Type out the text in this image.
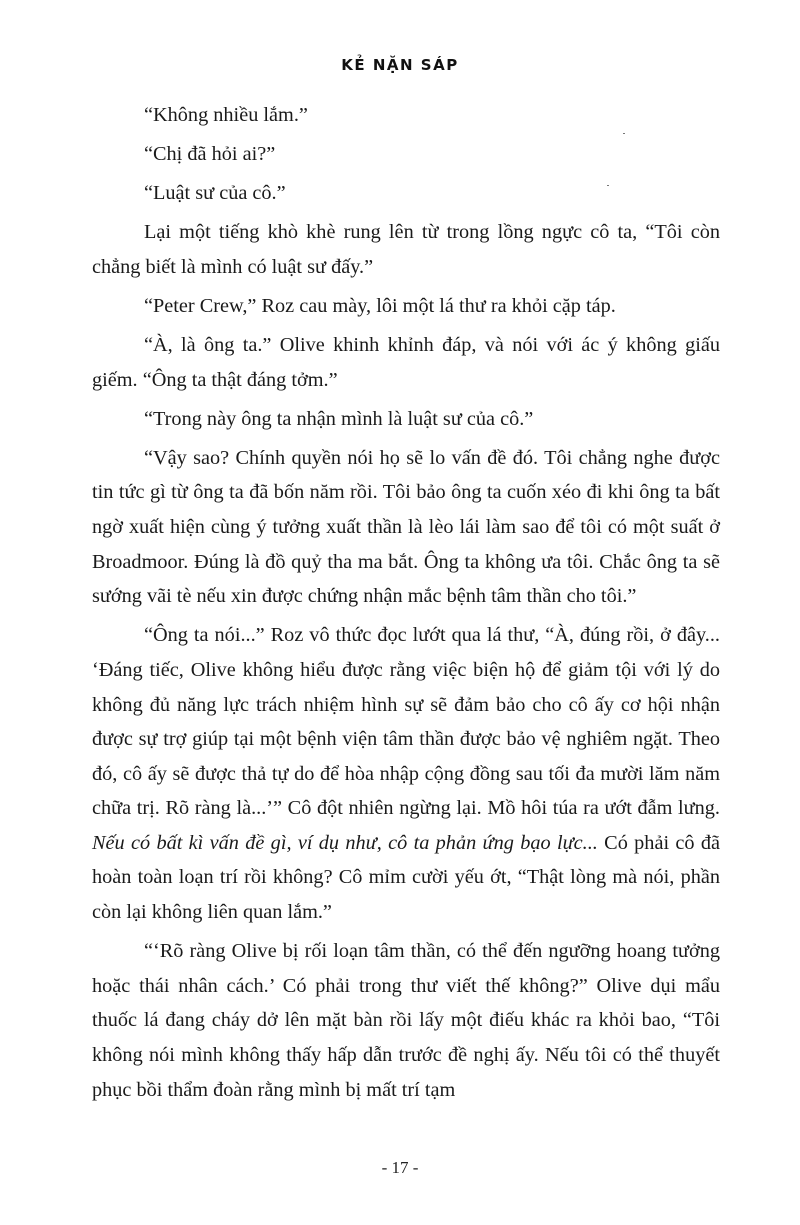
KẺ NẶN SÁP

“Không nhiều lắm.”

“Chị đã hỏi ai?”

“Luật sư của cô.”

Lại một tiếng khò khè rung lên từ trong lồng ngực cô ta, “Tôi còn chẳng biết là mình có luật sư đấy.”

“Peter Crew,” Roz cau mày, lôi một lá thư ra khỏi cặp táp.

“À, là ông ta.” Olive khinh khỉnh đáp, và nói với ác ý không giấu giếm. “Ông ta thật đáng tởm.”

“Trong này ông ta nhận mình là luật sư của cô.”

“Vậy sao? Chính quyền nói họ sẽ lo vấn đề đó. Tôi chẳng nghe được tin tức gì từ ông ta đã bốn năm rồi. Tôi bảo ông ta cuốn xéo đi khi ông ta bất ngờ xuất hiện cùng ý tưởng xuất thần là lèo lái làm sao để tôi có một suất ở Broadmoor. Đúng là đồ quỷ tha ma bắt. Ông ta không ưa tôi. Chắc ông ta sẽ sướng vãi tè nếu xin được chứng nhận mắc bệnh tâm thần cho tôi.”

“Ông ta nói...” Roz vô thức đọc lướt qua lá thư, “À, đúng rồi, ở đây... ‘Đáng tiếc, Olive không hiểu được rằng việc biện hộ để giảm tội với lý do không đủ năng lực trách nhiệm hình sự sẽ đảm bảo cho cô ấy cơ hội nhận được sự trợ giúp tại một bệnh viện tâm thần được bảo vệ nghiêm ngặt. Theo đó, cô ấy sẽ được thả tự do để hòa nhập cộng đồng sau tối đa mười lăm năm chữa trị. Rõ ràng là...’” Cô đột nhiên ngừng lại. Mồ hôi túa ra ướt đẫm lưng. Nếu có bất kì vấn đề gì, ví dụ như, cô ta phản ứng bạo lực... Có phải cô đã hoàn toàn loạn trí rồi không? Cô mỉm cười yếu ớt, “Thật lòng mà nói, phần còn lại không liên quan lắm.”

“‘Rõ ràng Olive bị rối loạn tâm thần, có thể đến ngưỡng hoang tưởng hoặc thái nhân cách.’ Có phải trong thư viết thế không?” Olive dụi mẩu thuốc lá đang cháy dở lên mặt bàn rồi lấy một điếu khác ra khỏi bao, “Tôi không nói mình không thấy hấp dẫn trước đề nghị ấy. Nếu tôi có thể thuyết phục bồi thẩm đoàn rằng mình bị mất trí tạm

- 17 -
